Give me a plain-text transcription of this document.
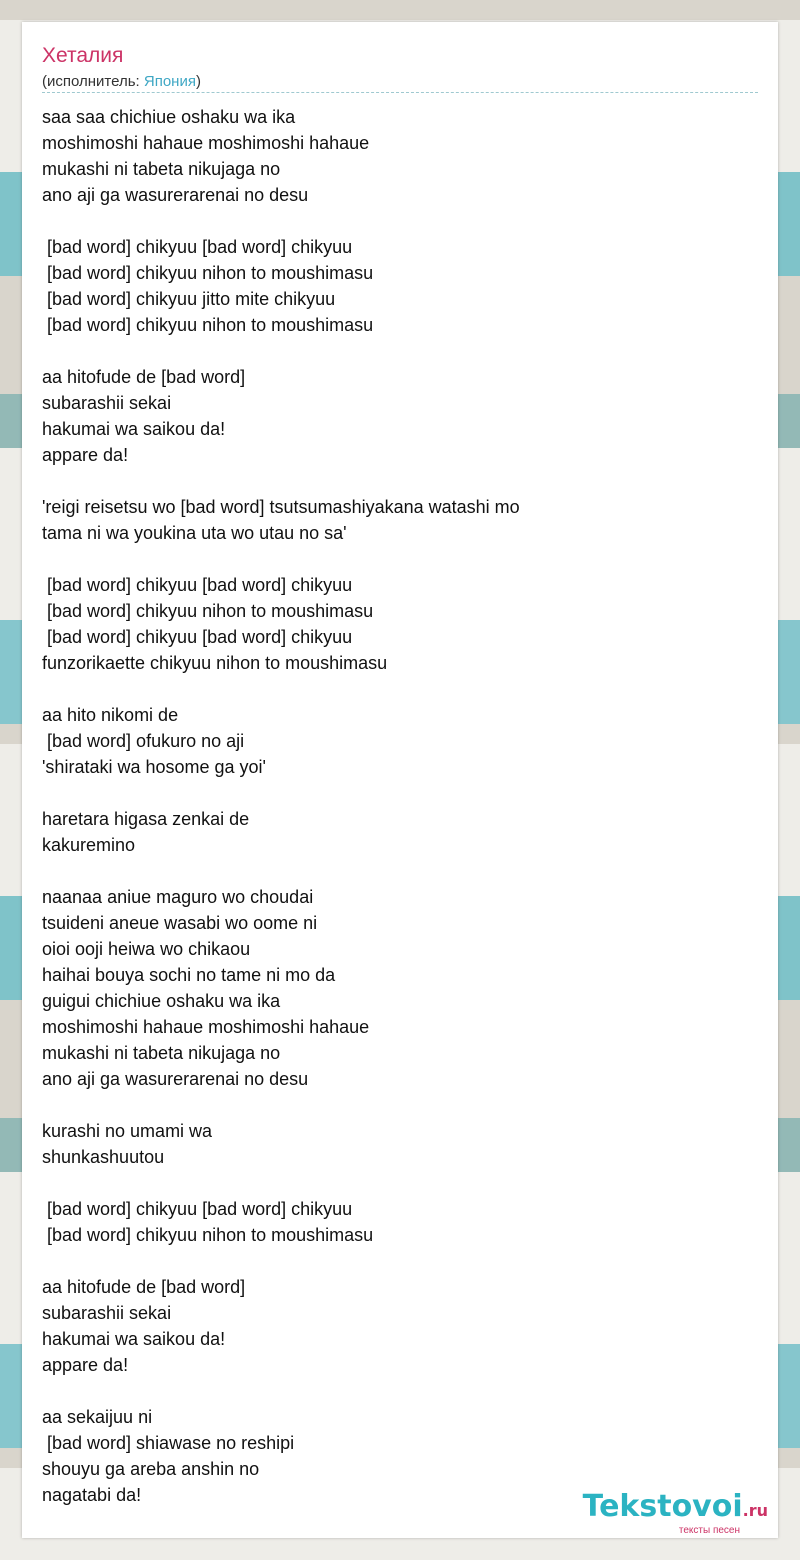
Хеталия
(исполнитель: Япония)
saa saa chichiue oshaku wa ika
moshimoshi hahaue moshimoshi hahaue
mukashi ni tabeta nikujaga no
ano aji ga wasurerarenai no desu
[bad word] chikyuu [bad word] chikyuu
[bad word] chikyuu nihon to moushimasu
[bad word] chikyuu jitto mite chikyuu
[bad word] chikyuu nihon to moushimasu
aa hitofude de [bad word]
subarashii sekai
hakumai wa saikou da!
appare da!
'reigi reisetsu wo [bad word] tsutsumashiyakana watashi mo
tama ni wa youkina uta wo utau no sa'
[bad word] chikyuu [bad word] chikyuu
[bad word] chikyuu nihon to moushimasu
[bad word] chikyuu [bad word] chikyuu
funzorikaette chikyuu nihon to moushimasu
aa hito nikomi de
[bad word] ofukuro no aji
'shirataki wa hosome ga yoi'
haretara higasa zenkai de
kakuremino
naanaa aniue maguro wo choudai
tsuideni aneue wasabi wo oome ni
oioi ooji heiwa wo chikaou
haihai bouya sochi no tame ni mo da
guigui chichiue oshaku wa ika
moshimoshi hahaue moshimoshi hahaue
mukashi ni tabeta nikujaga no
ano aji ga wasurerarenai no desu
kurashi no umami wa
shunkashuutou
[bad word] chikyuu [bad word] chikyuu
[bad word] chikyuu nihon to moushimasu
aa hitofude de [bad word]
subarashii sekai
hakumai wa saikou da!
appare da!
aa sekaijuu ni
[bad word] shiawase no reshipi
shouyu ga areba anshin no
nagatabi da!	Tekstovoi.ru
тексты песен
